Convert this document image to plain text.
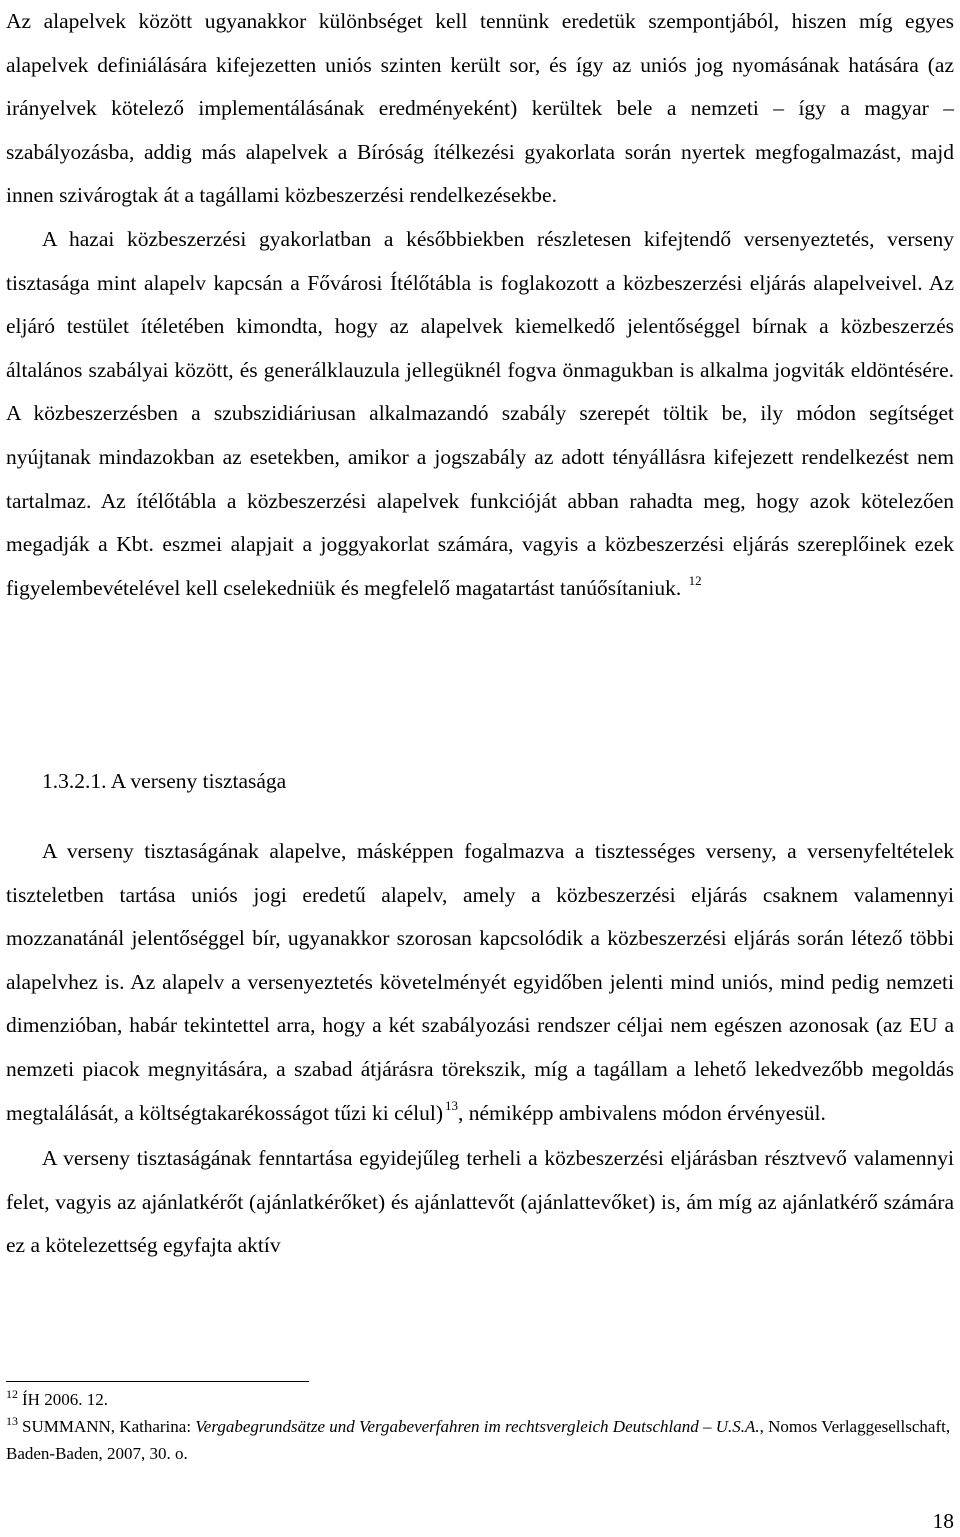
Az alapelvek között ugyanakkor különbséget kell tennünk eredetük szempontjából, hiszen míg egyes alapelvek definiálására kifejezetten uniós szinten került sor, és így az uniós jog nyomásának hatására (az irányelvek kötelező implementálásának eredményeként) kerültek bele a nemzeti – így a magyar – szabályozásba, addig más alapelvek a Bíróság ítélkezési gyakorlata során nyertek megfogalmazást, majd innen szivárogtak át a tagállami közbeszerzési rendelkezésekbe.

A hazai közbeszerzési gyakorlatban a későbbiekben részletesen kifejtendő versenyeztetés, verseny tisztasága mint alapelv kapcsán a Fővárosi Ítélőtábla is foglakozott a közbeszerzési eljárás alapelveivel. Az eljáró testület ítéletében kimondta, hogy az alapelvek kiemelkedő jelentőséggel bírnak a közbeszerzés általános szabályai között, és generálklauzula jellegüknél fogva önmagukban is alkalma jogviták eldöntésére. A közbeszerzésben a szubszidiáriusan alkalmazandó szabály szerepét töltik be, ily módon segítséget nyújtanak mindazokban az esetekben, amikor a jogszabály az adott tényállásra kifejezett rendelkezést nem tartalmaz. Az ítélőtábla a közbeszerzési alapelvek funkcióját abban rahadta meg, hogy azok kötelezően megadják a Kbt. eszmei alapjait a joggyakorlat számára, vagyis a közbeszerzési eljárás szereplőinek ezek figyelembevételével kell cselekedniük és megfelelő magatartást tanúősítaniuk. $^{12}$

1.3.2.1. A verseny tisztasága

A verseny tisztaságának alapelve, másképpen fogalmazva a tisztességes verseny, a versenyfeltételek tiszteletben tartása uniós jogi eredetű alapelv, amely a közbeszerzési eljárás csaknem valamennyi mozzanatánál jelentőséggel bír, ugyanakkor szorosan kapcsolódik a közbeszerzési eljárás során létező többi alapelvhez is. Az alapelv a versenyeztetés követelményét egyidőben jelenti mind uniós, mind pedig nemzeti dimenzióban, habár tekintettel arra, hogy a két szabályozási rendszer céljai nem egészen azonosak (az EU a nemzeti piacok megnyitására, a szabad átjárásra törekszik, míg a tagállam a lehető lekedvezőbb megoldás megtalálását, a költségtakarékosságot tűzi ki célul) $^{13}$, némiképp ambivalens módon érvényesül.

A verseny tisztaságának fenntartása egyidejűleg terheli a közbeszerzési eljárásban résztvevő valamennyi felet, vagyis az ajánlatkérőt (ajánlatkérőket) és ajánlattevőt (ajánlattevőket) is, ám míg az ajánlatkérő számára ez a kötelezettség egyfajta aktív

$^{12}$ ÍH 2006. 12.

$^{13}$ SUMMANN, Katharina: Vergabegrundsätze und Vergabeverfahren im rechtsvergleich Deutschland – U.S.A., Nomos Verlaggesellschaft, Baden-Baden, 2007, 30. o.

18
